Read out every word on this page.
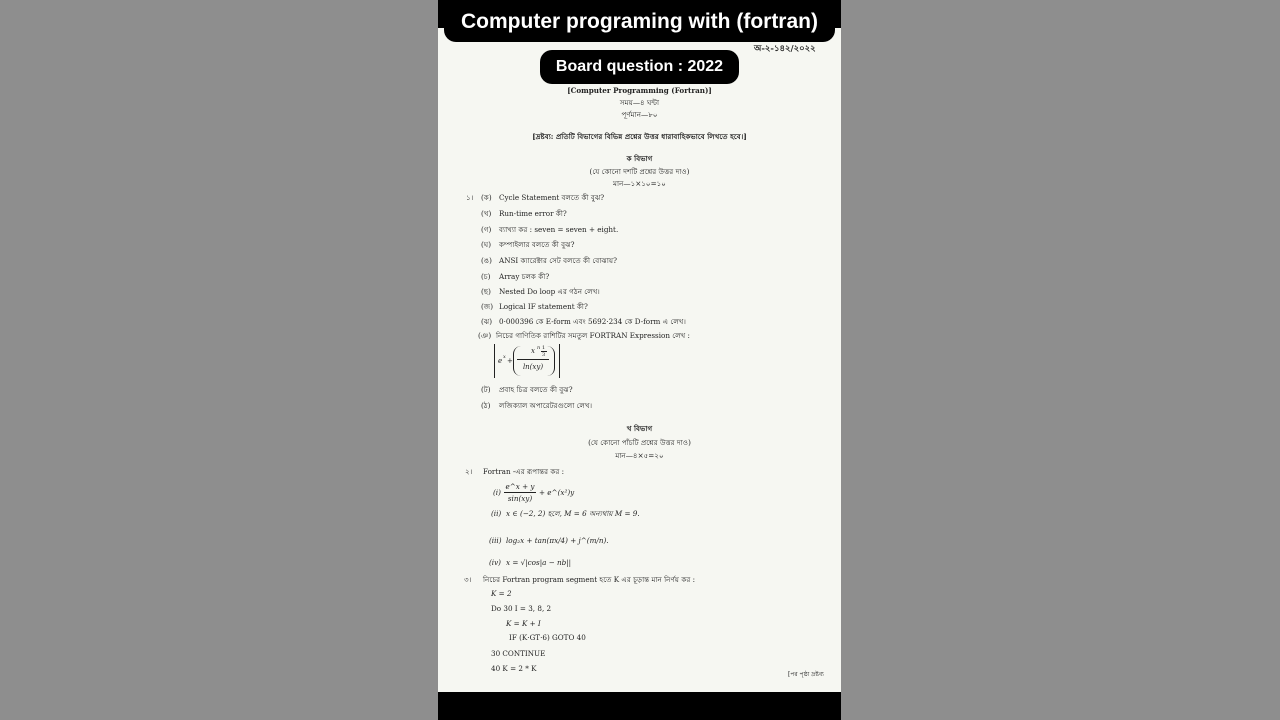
Computer programing with (fortran)
Board question : 2022
অ-২-১৪২/২০২২
[Computer Programming (Fortran)]
সময়—৪ ঘন্টা
পূর্ণমান—৮০
[দ্রষ্টব্য: প্রতিটি বিভাগের বিভিন্ন প্রশ্নের উত্তর ধারাবাহিকভাবে লিখতে হবে।]
ক বিভাগ
(যে কোনো দশটি প্রশ্নের উত্তর দাও)
মান—১×১০=১০
১। (ক) Cycle Statement বলতে কী বুঝ?
(খ) Run-time error কী?
(গ) ব্যাখ্যা কর : seven = seven + eight.
(ঘ) কম্পাইলার বলতে কী বুঝ?
(ঙ) ANSI ক্যারেক্টার সেট বলতে কী বোঝায়?
(চ) Array চলক কী?
(ছ) Nested Do loop এর গঠন লেখ।
(জ) Logical IF statement কী?
(ঝ) 0·000396 কে E-form এবং 5692·234 কে D-form এ লেখ।
(ঞ) নিচের গাণিতিক রাশিটির সমতুল FORTRAN Expression লেখ :
e x +
x n
ln(xy)
1
3
(ট) প্রবাহ চিত্র বলতে কী বুঝ?
(ঠ) লজিক্যাল অপারেটরগুলো লেখ।
খ বিভাগ
(যে কোনো পাঁচটি প্রশ্নের উত্তর দাও)
মান—৪×৫=২০
২। Fortran -এর রূপান্তর কর :
(i)
e^x + y
sin(xy)
+ e^(x²)y
(ii) x ∈ (−2, 2) হলে, M = 6 অন্যথায় M = 9.
(iii) log₂x + tan(πx/4) + j^(m/n).
(iv) x = √|cos|a − nb||
৩। নিচের Fortran program segment হতে K এর চূড়ান্ত মান নির্ণয় কর :
K = 2
Do 30 I = 3, 8, 2
K = K + I
IF (K·GT·6) GOTO 40
30 CONTINUE
40 K = 2 * K
[পর পৃষ্ঠা দ্রষ্টব্য
